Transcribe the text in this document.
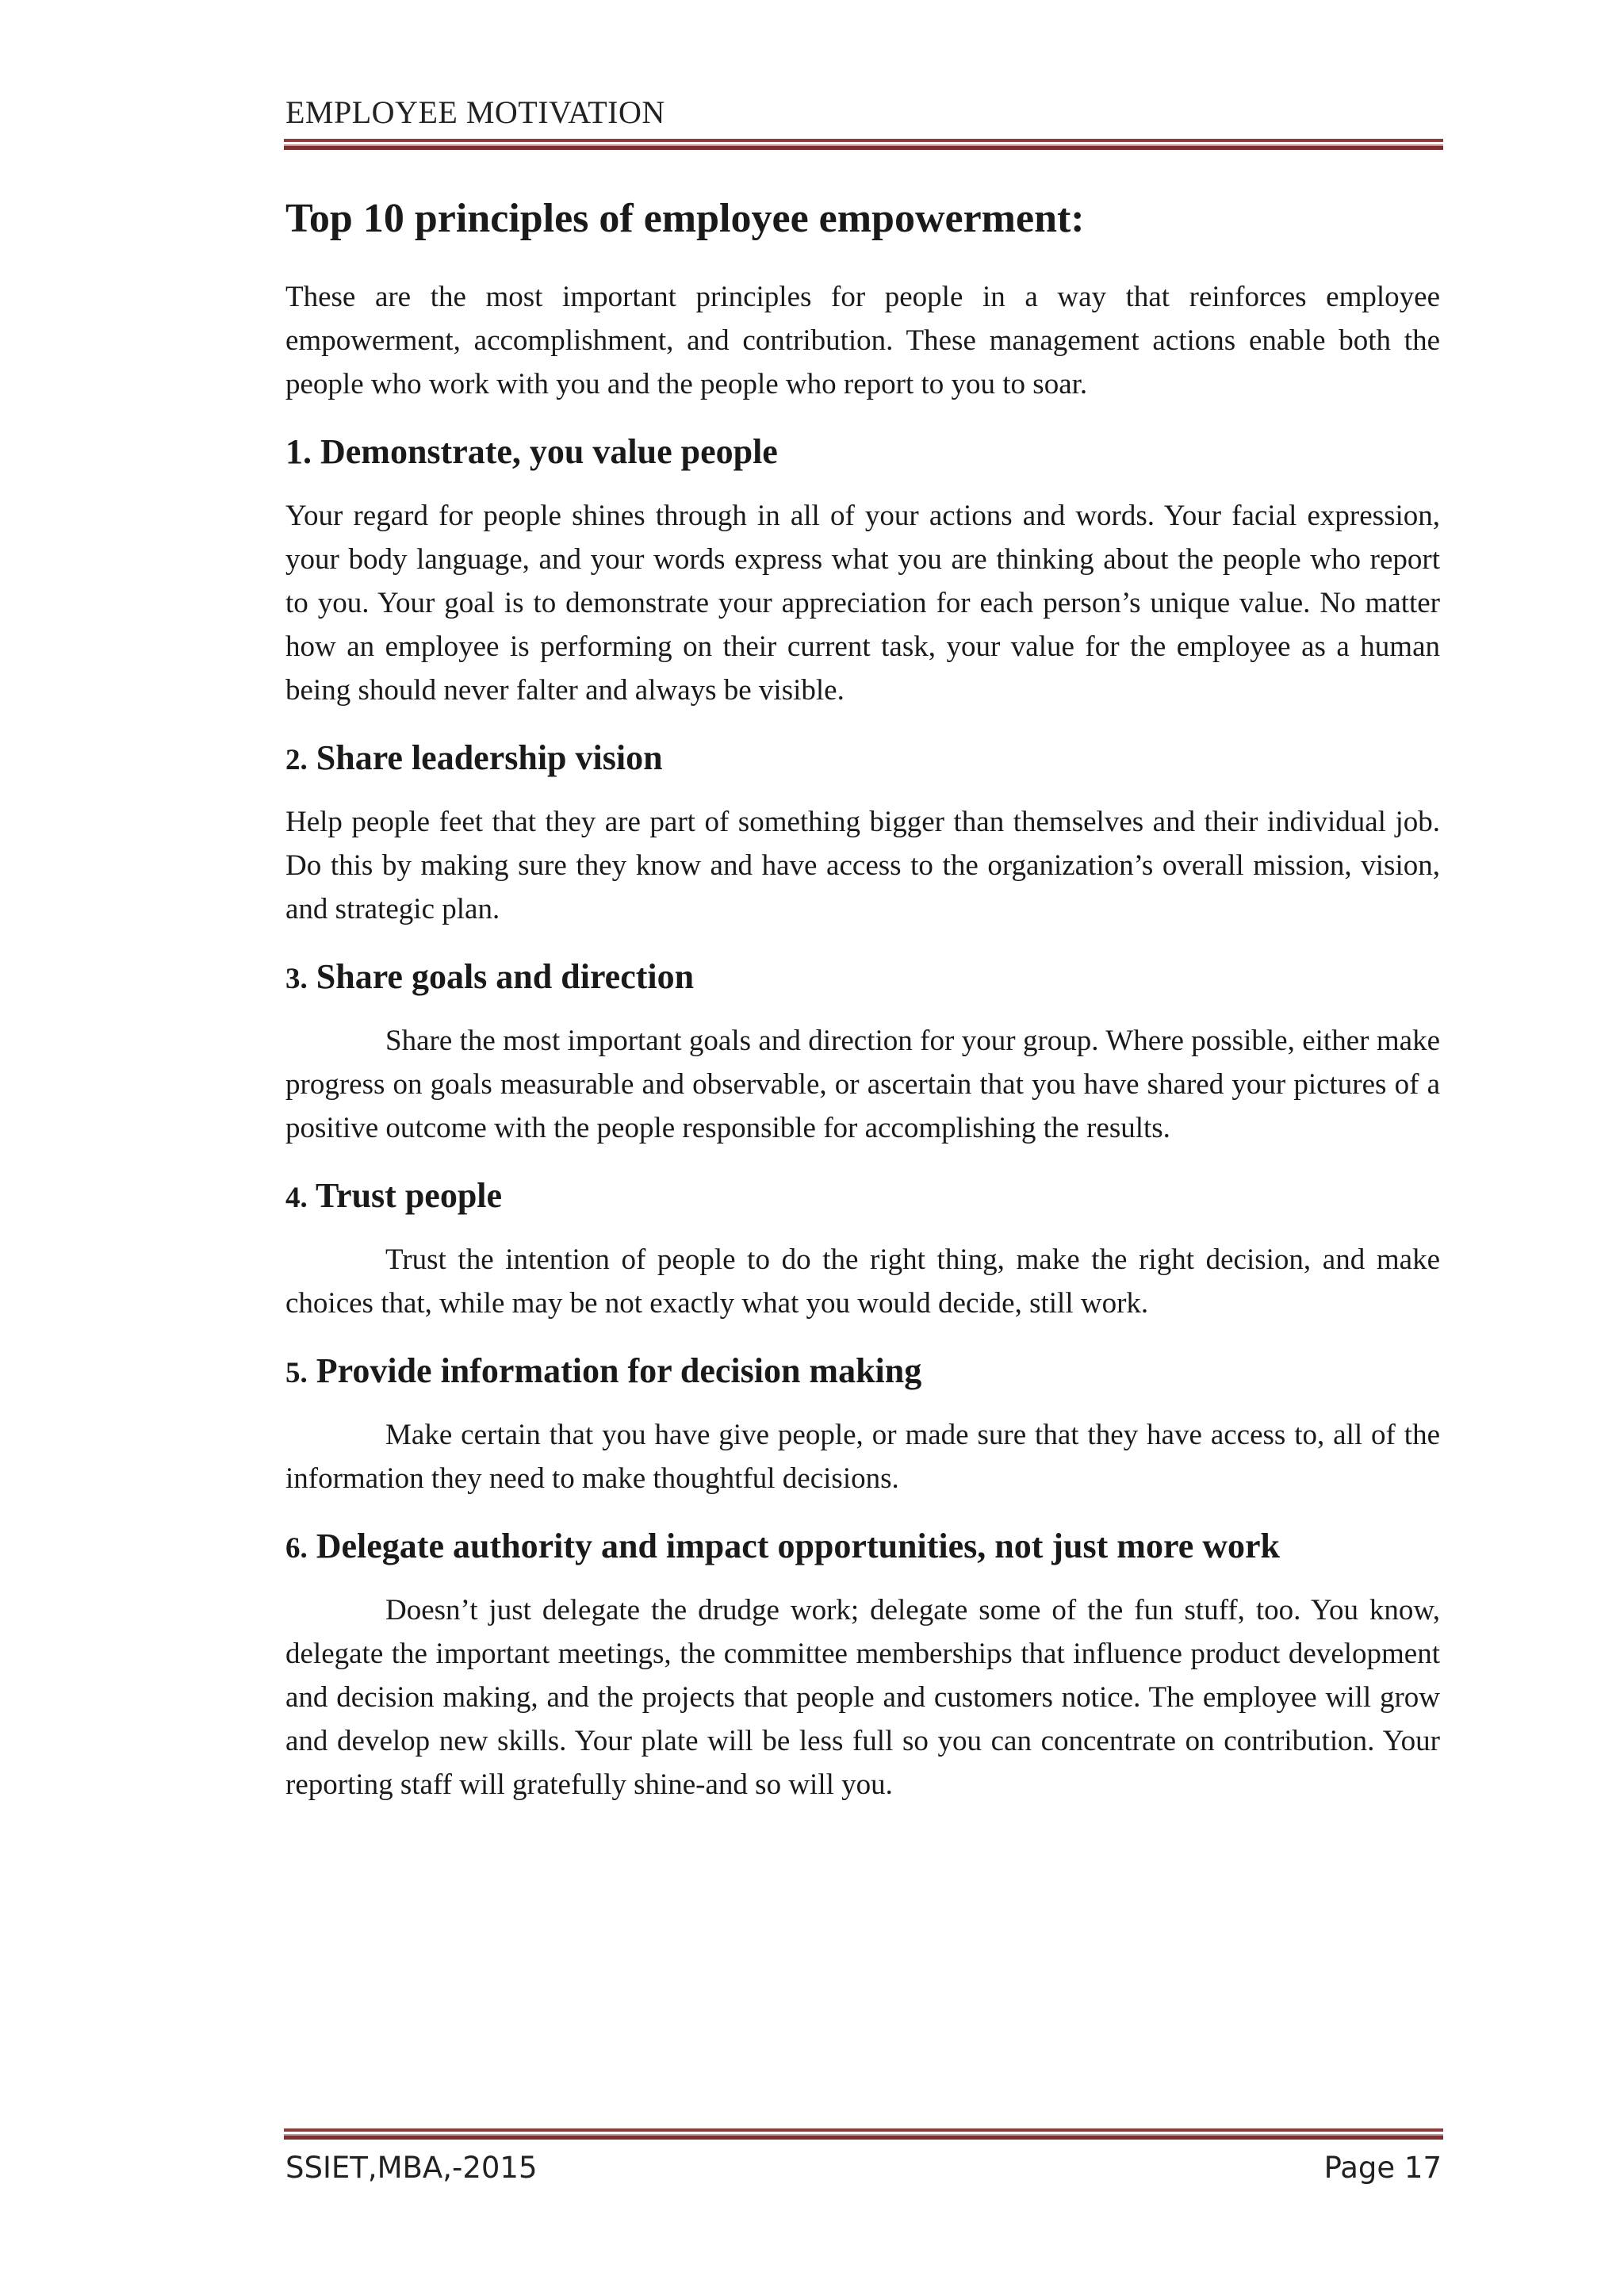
EMPLOYEE MOTIVATION
Top 10 principles of employee empowerment:

These are the most important principles for people in a way that reinforces employee empowerment, accomplishment, and contribution. These management actions enable both the people who work with you and the people who report to you to soar.

1. Demonstrate, you value people

Your regard for people shines through in all of your actions and words. Your facial expression, your body language, and your words express what you are thinking about the people who report to you. Your goal is to demonstrate your appreciation for each person’s unique value. No matter how an employee is performing on their current task, your value for the employee as a human being should never falter and always be visible.

2. Share leadership vision

Help people feet that they are part of something bigger than themselves and their individual job. Do this by making sure they know and have access to the organization’s overall mission, vision, and strategic plan.

3. Share goals and direction

Share the most important goals and direction for your group. Where possible, either make progress on goals measurable and observable, or ascertain that you have shared your pictures of a positive outcome with the people responsible for accomplishing the results.

4. Trust people

Trust the intention of people to do the right thing, make the right decision, and make choices that, while may be not exactly what you would decide, still work.

5. Provide information for decision making

Make certain that you have give people, or made sure that they have access to, all of the information they need to make thoughtful decisions.

6. Delegate authority and impact opportunities, not just more work

Doesn’t just delegate the drudge work; delegate some of the fun stuff, too. You know, delegate the important meetings, the committee memberships that influence product development and decision making, and the projects that people and customers notice. The employee will grow and develop new skills. Your plate will be less full so you can concentrate on contribution. Your reporting staff will gratefully shine-and so will you.

SSIET,MBA,-2015	Page 17
